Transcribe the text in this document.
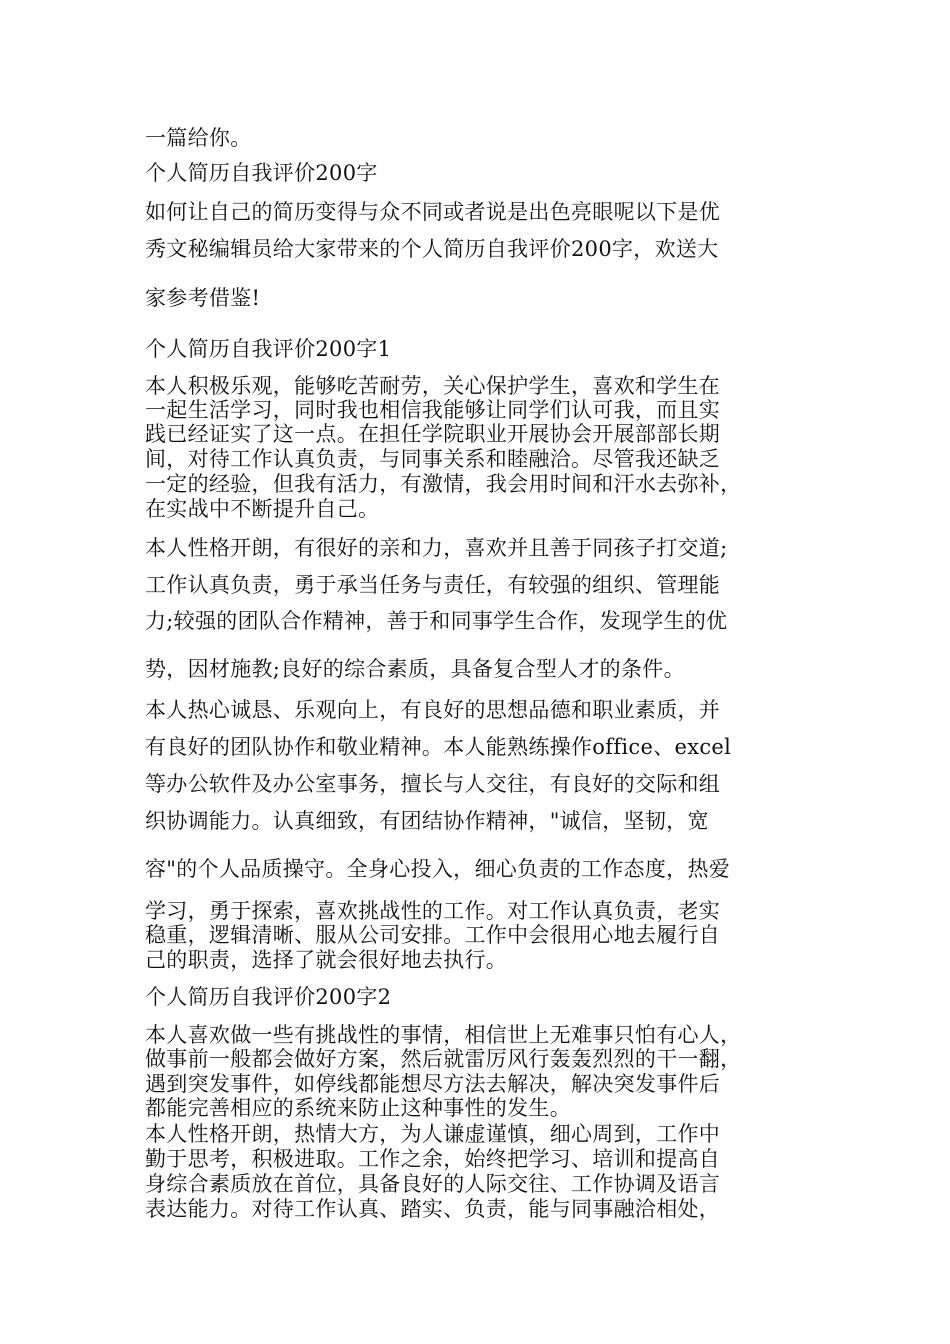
一篇给你。
个人简历自我评价200字
如何让自己的简历变得与众不同或者说是出色亮眼呢以下是优
秀文秘编辑员给大家带来的个人简历自我评价200字，欢送大
家参考借鉴!
个人简历自我评价200字1
本人积极乐观，能够吃苦耐劳，关心保护学生，喜欢和学生在
一起生活学习，同时我也相信我能够让同学们认可我，而且实
践已经证实了这一点。在担任学院职业开展协会开展部部长期
间，对待工作认真负责，与同事关系和睦融洽。尽管我还缺乏
一定的经验，但我有活力，有激情，我会用时间和汗水去弥补，
在实战中不断提升自己。
本人性格开朗，有很好的亲和力，喜欢并且善于同孩子打交道;
工作认真负责，勇于承当任务与责任，有较强的组织、管理能
力;较强的团队合作精神，善于和同事学生合作，发现学生的优
势，因材施教;良好的综合素质，具备复合型人才的条件。
本人热心诚恳、乐观向上，有良好的思想品德和职业素质，并
有良好的团队协作和敬业精神。本人能熟练操作office、excel
等办公软件及办公室事务，擅长与人交往，有良好的交际和组
织协调能力。认真细致，有团结协作精神，"诚信，坚韧，宽
容"的个人品质操守。全身心投入，细心负责的工作态度，热爱
学习，勇于探索，喜欢挑战性的工作。对工作认真负责，老实
稳重，逻辑清晰、服从公司安排。工作中会很用心地去履行自
己的职责，选择了就会很好地去执行。
个人简历自我评价200字2
本人喜欢做一些有挑战性的事情，相信世上无难事只怕有心人，
做事前一般都会做好方案，然后就雷厉风行轰轰烈烈的干一翻，
遇到突发事件，如停线都能想尽方法去解决，解决突发事件后
都能完善相应的系统来防止这种事性的发生。
本人性格开朗，热情大方，为人谦虚谨慎，细心周到，工作中
勤于思考，积极进取。工作之余，始终把学习、培训和提高自
身综合素质放在首位，具备良好的人际交往、工作协调及语言
表达能力。对待工作认真、踏实、负责，能与同事融洽相处，
